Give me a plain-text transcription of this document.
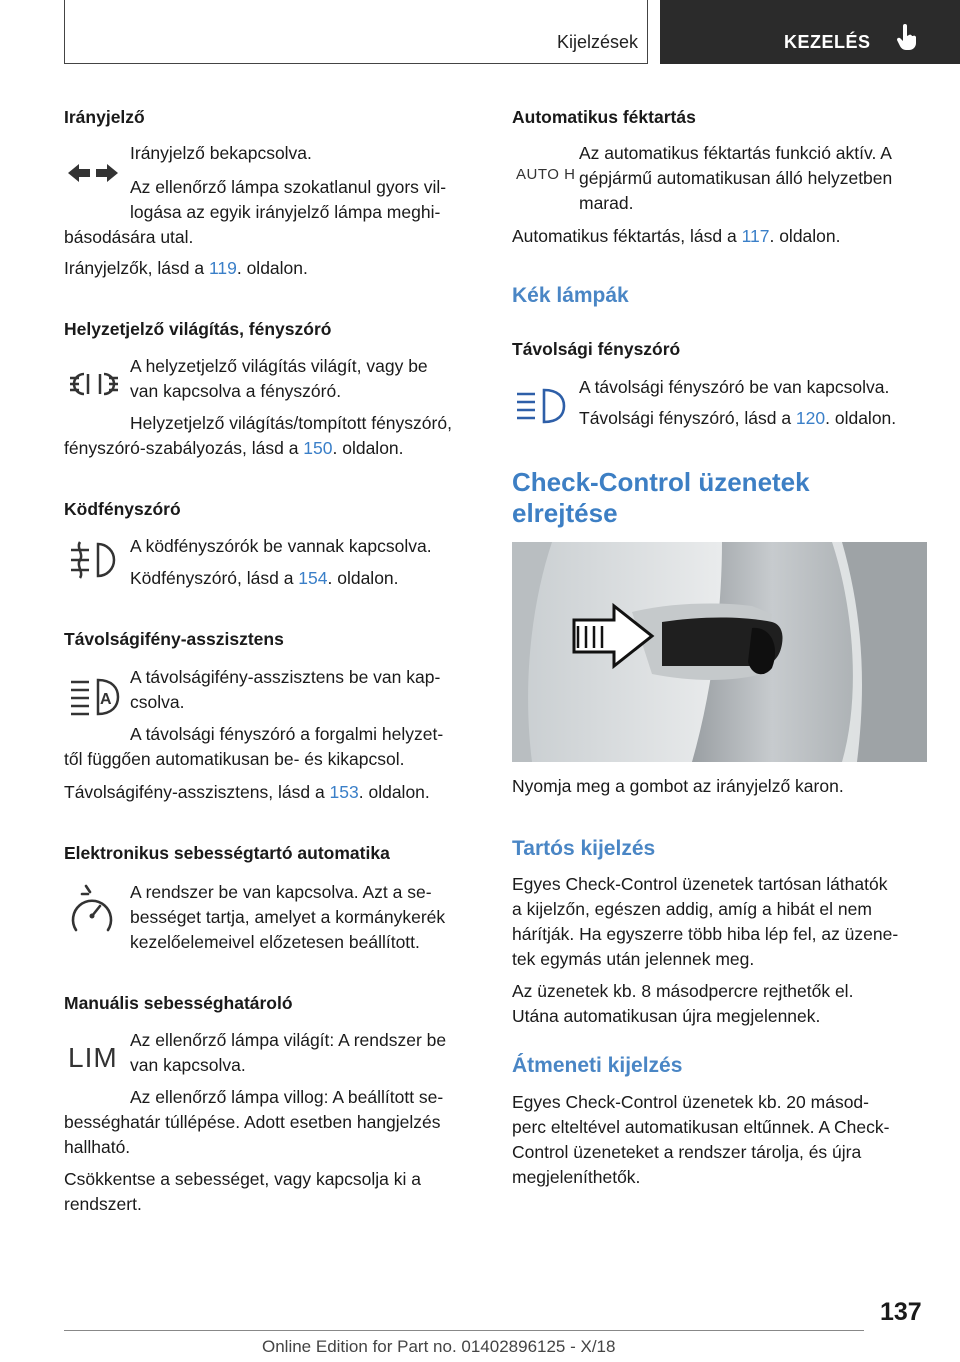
Kijelzések	KEZELÉS
Irányjelző
Irányjelző bekapcsolva.
Az ellenőrző lámpa szokatlanul gyors vil-
logása az egyik irányjelző lámpa meghi-
básodására utal.
Irányjelzők, lásd a 119. oldalon.
Helyzetjelző világítás, fényszóró
A helyzetjelző világítás világít, vagy be
van kapcsolva a fényszóró.
Helyzetjelző világítás/tompított fényszóró,
fényszóró-szabályozás, lásd a 150. oldalon.
Ködfényszóró
A ködfényszórók be vannak kapcsolva.
Ködfényszóró, lásd a 154. oldalon.
Távolságifény-asszisztens
A
A távolságifény-asszisztens be van kap-
csolva.
A távolsági fényszóró a forgalmi helyzet-
től függően automatikusan be- és kikapcsol.
Távolságifény-asszisztens, lásd a 153. oldalon.
Elektronikus sebességtartó automatika
A rendszer be van kapcsolva. Azt a se-
bességet tartja, amelyet a kormánykerék
kezelőelemeivel előzetesen beállított.
Manuális sebességhatároló
LIM
Az ellenőrző lámpa világít: A rendszer be
van kapcsolva.
Az ellenőrző lámpa villog: A beállított se-
bességhatár túllépése. Adott esetben hangjelzés
hallható.
Csökkentse a sebességet, vagy kapcsolja ki a
rendszert.
Automatikus féktartás
AUTO H
Az automatikus féktartás funkció aktív. A
gépjármű automatikusan álló helyzetben
marad.
Automatikus féktartás, lásd a 117. oldalon.
Kék lámpák
Távolsági fényszóró
A távolsági fényszóró be van kapcsolva.
Távolsági fényszóró, lásd a 120. oldalon.
Check-Control üzenetek
elrejtése
Nyomja meg a gombot az irányjelző karon.
Tartós kijelzés
Egyes Check-Control üzenetek tartósan láthatók
a kijelzőn, egészen addig, amíg a hibát el nem
hárítják. Ha egyszerre több hiba lép fel, az üzene-
tek egymás után jelennek meg.
Az üzenetek kb. 8 másodpercre rejthetők el.
Utána automatikusan újra megjelennek.
Átmeneti kijelzés
Egyes Check-Control üzenetek kb. 20 másod-
perc elteltével automatikusan eltűnnek. A Check-
Control üzeneteket a rendszer tárolja, és újra
megjeleníthetők.
137
Online Edition for Part no. 01402896125 - X/18
